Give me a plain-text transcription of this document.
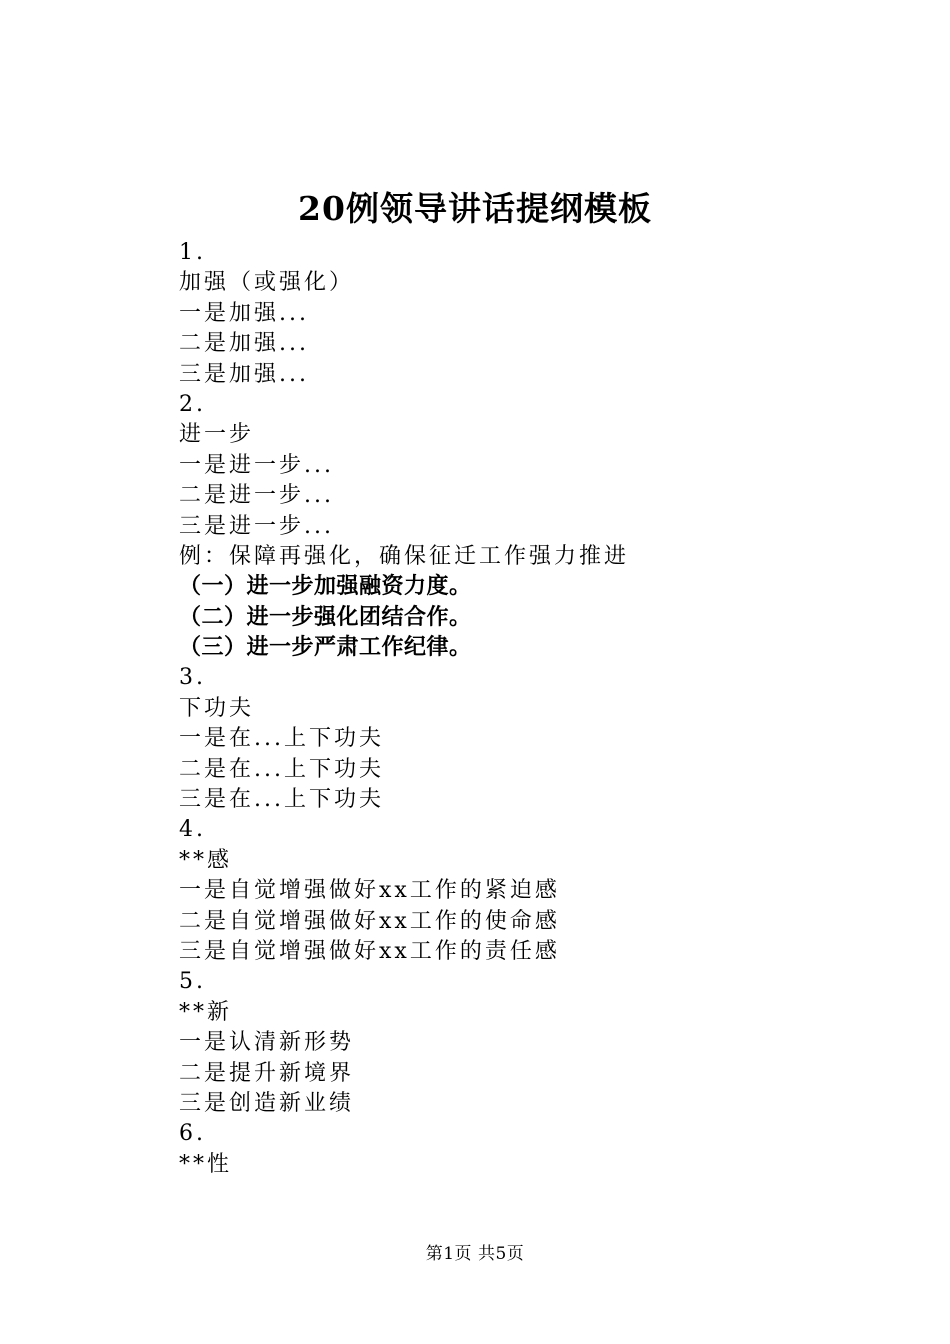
20例领导讲话提纲模板
1.
加强（或强化）
一是加强...
二是加强...
三是加强...
2.
进一步
一是进一步...
二是进一步...
三是进一步...
例：保障再强化，确保征迁工作强力推进
（一）进一步加强融资力度。
（二）进一步强化团结合作。
（三）进一步严肃工作纪律。
3.
下功夫
一是在...上下功夫
二是在...上下功夫
三是在...上下功夫
4.
**感
一是自觉增强做好xx工作的紧迫感
二是自觉增强做好xx工作的使命感
三是自觉增强做好xx工作的责任感
5.
**新
一是认清新形势
二是提升新境界
三是创造新业绩
6.
**性
第1页 共5页
